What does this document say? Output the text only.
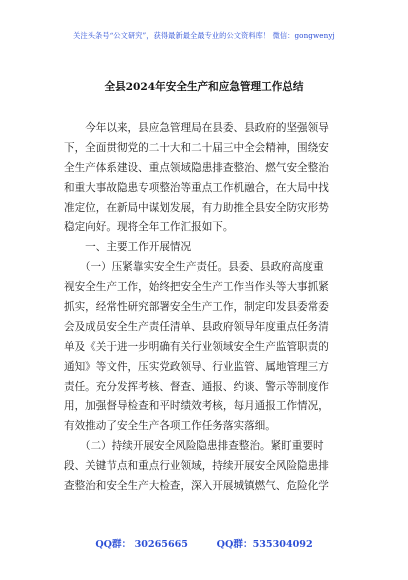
关注头条号“公文研究”，获得最新最全最专业的公文资料库！ 微信：gongwenyj
全县2024年安全生产和应急管理工作总结
　　今年以来，县应急管理局在县委、县政府的坚强领导
下，全面贯彻党的二十大和二十届三中全会精神，围绕安
全生产体系建设、重点领域隐患排查整治、燃气安全整治
和重大事故隐患专项整治等重点工作机融合，在大局中找
准定位，在新局中谋划发展，有力助推全县安全防灾形势
稳定向好。现将全年工作汇报如下。
　　一、主要工作开展情况
　　（一）压紧靠实安全生产责任。县委、县政府高度重
视安全生产工作，始终把安全生产工作当作头等大事抓紧
抓实，经常性研究部署安全生产工作，制定印发县委常委
会及成员安全生产责任清单、县政府领导年度重点任务清
单及《关于进一步明确有关行业领域安全生产监管职责的
通知》等文件，压实党政领导、行业监管、属地管理三方
责任。充分发挥考核、督查、通报、约谈、警示等制度作
用，加强督导检查和平时绩效考核，每月通报工作情况，
有效推动了安全生产各项工作任务落实落细。
　　（二）持续开展安全风险隐患排查整治。紧盯重要时
段、关键节点和重点行业领域，持续开展安全风险隐患排
查整治和安全生产大检查，深入开展城镇燃气、危险化学
QQ群： 30265665	QQ群：535304092
